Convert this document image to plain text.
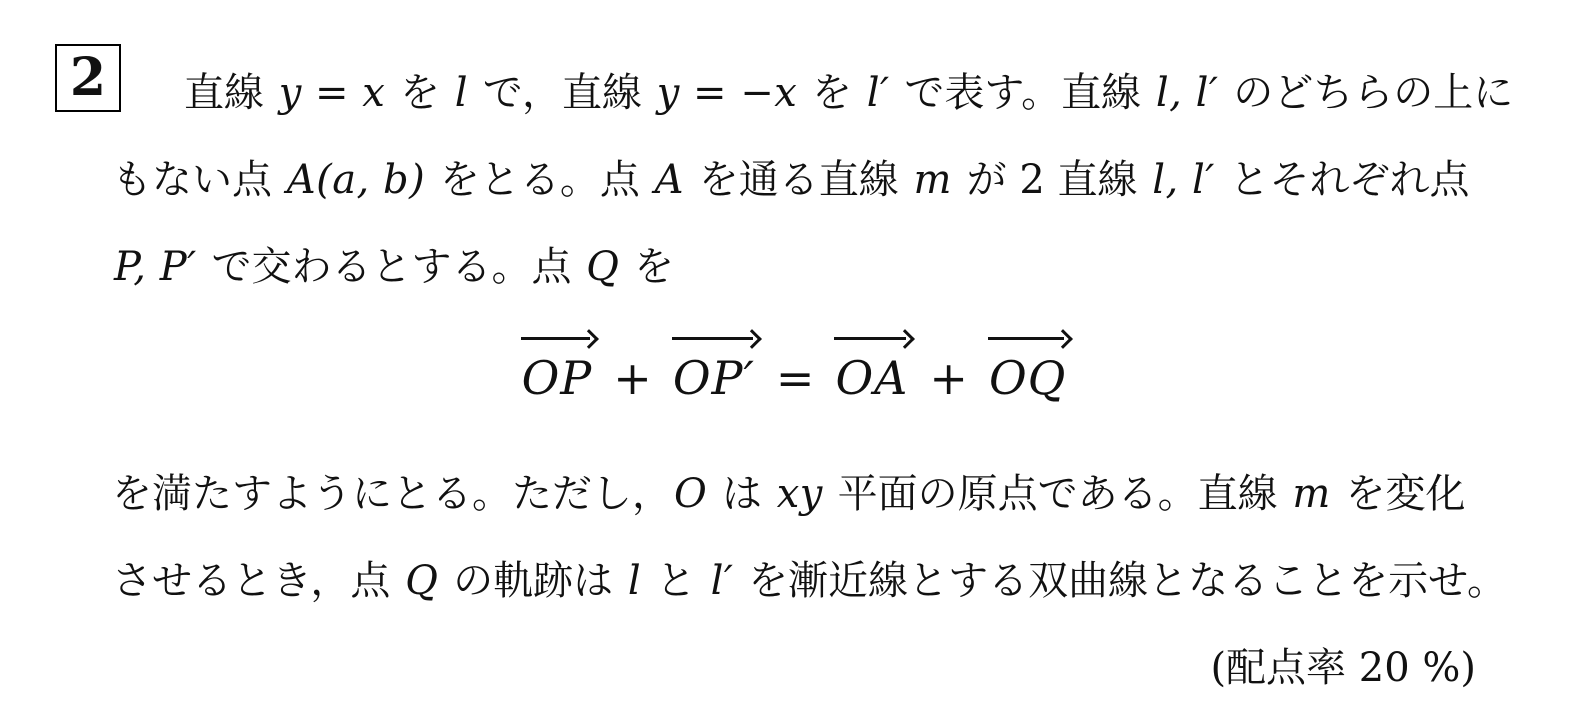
2	直線 y = x を l で，直線 y = −x を l′ で表す。直線 l, l′ のどちらの上に
もない点 A(a, b) をとる。点 A を通る直線 m が 2 直線 l, l′ とそれぞれ点
P, P′ で交わるとする。点 Q を
OP + OP′ = OA + OQ
を満たすようにとる。ただし，O は xy 平面の原点である。直線 m を変化
させるとき，点 Q の軌跡は l と l′ を漸近線とする双曲線となることを示せ。
(配点率 20 %)
